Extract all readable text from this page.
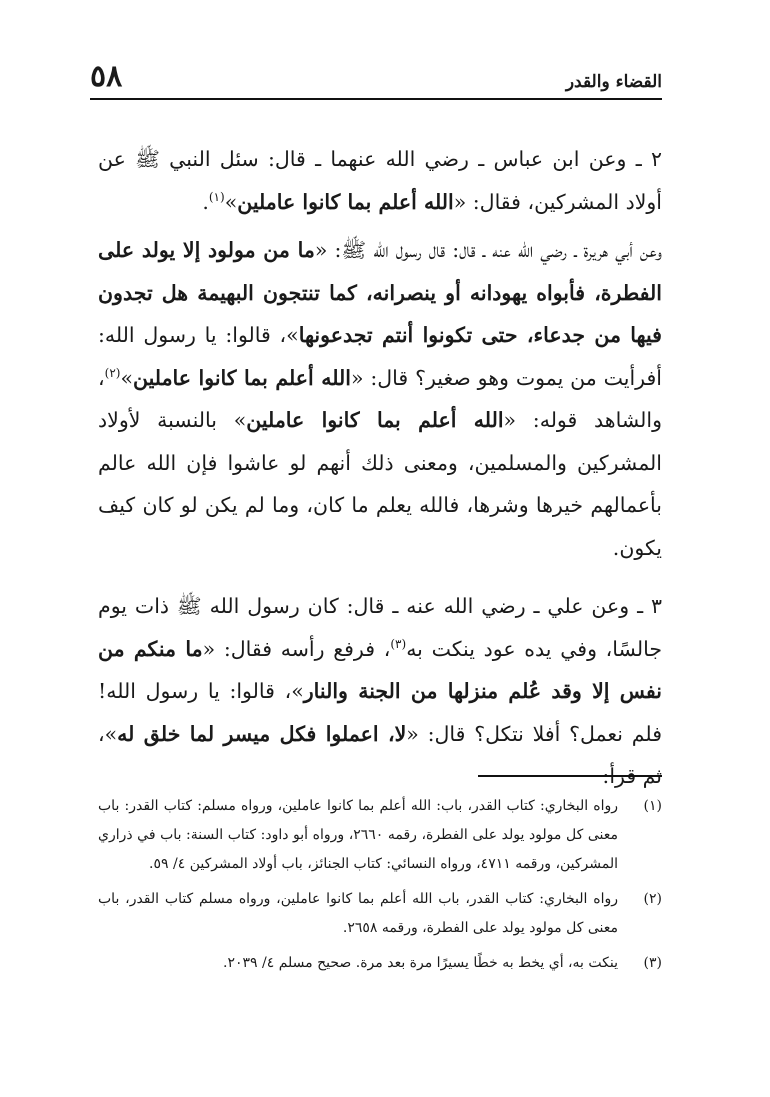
القضاء والقدر
٥٨

٢ ـ وعن ابن عباس ـ رضي الله عنهما ـ قال: سئل النبي ﷺ عن أولاد المشركين، فقال: «الله أعلم بما كانوا عاملين»$^{(١)}$.

وعن أبي هريرة ـ رضي الله عنه ـ قال: قال رسول الله ﷺ: «ما من مولود إلا يولد على الفطرة، فأبواه يهودانه أو ينصرانه، كما تنتجون البهيمة هل تجدون فيها من جدعاء، حتى تكونوا أنتم تجدعونها»، قالوا: يا رسول الله: أفرأيت من يموت وهو صغير؟ قال: «الله أعلم بما كانوا عاملين»$^{(٢)}$، والشاهد قوله: «الله أعلم بما كانوا عاملين» بالنسبة لأولاد المشركين والمسلمين، ومعنى ذلك أنهم لو عاشوا فإن الله عالم بأعمالهم خيرها وشرها، فالله يعلم ما كان، وما لم يكن لو كان كيف يكون.

٣ ـ وعن علي ـ رضي الله عنه ـ قال: كان رسول الله ﷺ ذات يوم جالسًا، وفي يده عود ينكت به$^{(٣)}$، فرفع رأسه فقال: «ما منكم من نفس إلا وقد عُلم منزلها من الجنة والنار»، قالوا: يا رسول الله! فلم نعمل؟ أفلا نتكل؟ قال: «لا، اعملوا فكل ميسر لما خلق له»، ثم قرأ:

(١)
رواه البخاري: كتاب القدر، باب: الله أعلم بما كانوا عاملين، ورواه مسلم: كتاب القدر: باب معنى كل مولود يولد على الفطرة، رقمه ٢٦٦٠، ورواه أبو داود: كتاب السنة: باب في ذراري المشركين، ورقمه ٤٧١١، ورواه النسائي: كتاب الجنائز، باب أولاد المشركين ٤/ ٥٩.
(٢)
رواه البخاري: كتاب القدر، باب الله أعلم بما كانوا عاملين، ورواه مسلم كتاب القدر، باب معنى كل مولود يولد على الفطرة، ورقمه ٢٦٥٨.
(٣)
ينكت به، أي يخط به خطًا يسيرًا مرة بعد مرة. صحيح مسلم ٤/ ٢٠٣٩.
